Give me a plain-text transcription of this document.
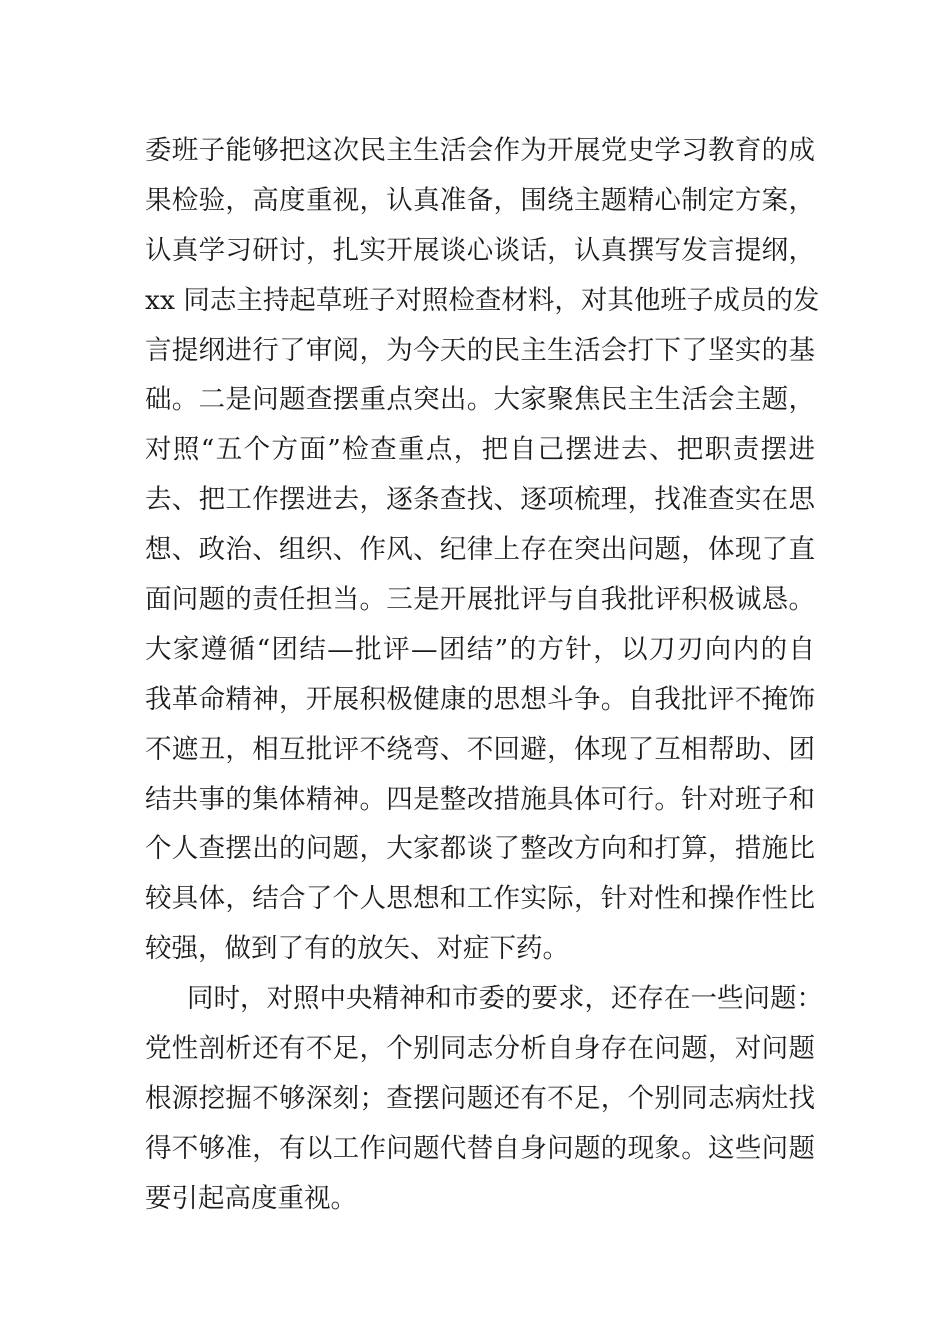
委班子能够把这次民主生活会作为开展党史学习教育的成
果检验，高度重视，认真准备，围绕主题精心制定方案，
认真学习研讨，扎实开展谈心谈话，认真撰写发言提纲，
xx 同志主持起草班子对照检查材料，对其他班子成员的发
言提纲进行了审阅，为今天的民主生活会打下了坚实的基
础。二是问题查摆重点突出。大家聚焦民主生活会主题，
对照“五个方面”检查重点，把自己摆进去、把职责摆进
去、把工作摆进去，逐条查找、逐项梳理，找准查实在思
想、政治、组织、作风、纪律上存在突出问题，体现了直
面问题的责任担当。三是开展批评与自我批评积极诚恳。
大家遵循“团结—批评—团结”的方针，以刀刃向内的自
我革命精神，开展积极健康的思想斗争。自我批评不掩饰
不遮丑，相互批评不绕弯、不回避，体现了互相帮助、团
结共事的集体精神。四是整改措施具体可行。针对班子和
个人查摆出的问题，大家都谈了整改方向和打算，措施比
较具体，结合了个人思想和工作实际，针对性和操作性比
较强，做到了有的放矢、对症下药。
同时，对照中央精神和市委的要求，还存在一些问题：
党性剖析还有不足，个别同志分析自身存在问题，对问题
根源挖掘不够深刻；查摆问题还有不足，个别同志病灶找
得不够准，有以工作问题代替自身问题的现象。这些问题
要引起高度重视。
